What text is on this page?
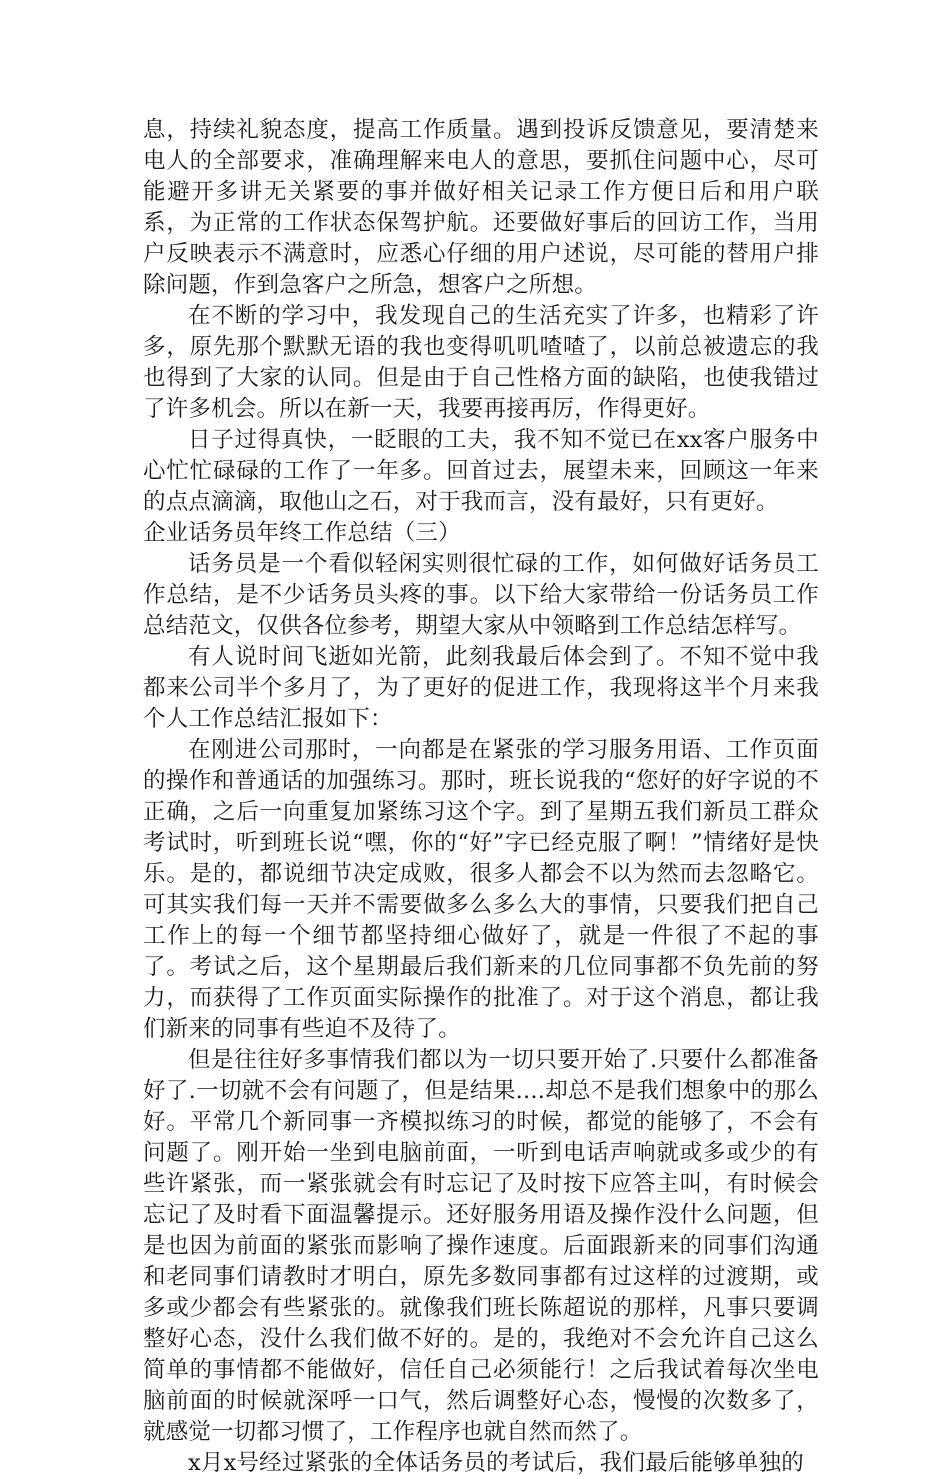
息，持续礼貌态度，提高工作质量。遇到投诉反馈意见，要清楚来电人的全部要求，准确理解来电人的意思，要抓住问题中心，尽可能避开多讲无关紧要的事并做好相关记录工作方便日后和用户联系，为正常的工作状态保驾护航。还要做好事后的回访工作，当用户反映表示不满意时，应悉心仔细的用户述说，尽可能的替用户排除问题，作到急客户之所急，想客户之所想。

在不断的学习中，我发现自己的生活充实了许多，也精彩了许多，原先那个默默无语的我也变得叽叽喳喳了，以前总被遗忘的我也得到了大家的认同。但是由于自己性格方面的缺陷，也使我错过了许多机会。所以在新一天，我要再接再厉，作得更好。

日子过得真快，一眨眼的工夫，我不知不觉已在xx客户服务中心忙忙碌碌的工作了一年多。回首过去，展望未来，回顾这一年来的点点滴滴，取他山之石，对于我而言，没有最好，只有更好。

企业话务员年终工作总结（三）

话务员是一个看似轻闲实则很忙碌的工作，如何做好话务员工作总结，是不少话务员头疼的事。以下给大家带给一份话务员工作总结范文，仅供各位参考，期望大家从中领略到工作总结怎样写。

有人说时间飞逝如光箭，此刻我最后体会到了。不知不觉中我都来公司半个多月了，为了更好的促进工作，我现将这半个月来我个人工作总结汇报如下：

在刚进公司那时，一向都是在紧张的学习服务用语、工作页面的操作和普通话的加强练习。那时，班长说我的“您好的好字说的不正确，之后一向重复加紧练习这个字。到了星期五我们新员工群众考试时，听到班长说“嘿，你的“好”字已经克服了啊！”情绪好是快乐。是的，都说细节决定成败，很多人都会不以为然而去忽略它。可其实我们每一天并不需要做多么多么大的事情，只要我们把自己工作上的每一个细节都坚持细心做好了，就是一件很了不起的事了。考试之后，这个星期最后我们新来的几位同事都不负先前的努力，而获得了工作页面实际操作的批准了。对于这个消息，都让我们新来的同事有些迫不及待了。

但是往往好多事情我们都以为一切只要开始了.只要什么都准备好了.一切就不会有问题了，但是结果....却总不是我们想象中的那么好。平常几个新同事一齐模拟练习的时候，都觉的能够了，不会有问题了。刚开始一坐到电脑前面，一听到电话声响就或多或少的有些许紧张，而一紧张就会有时忘记了及时按下应答主叫，有时候会忘记了及时看下面温馨提示。还好服务用语及操作没什么问题，但是也因为前面的紧张而影响了操作速度。后面跟新来的同事们沟通和老同事们请教时才明白，原先多数同事都有过这样的过渡期，或多或少都会有些紧张的。就像我们班长陈超说的那样，凡事只要调整好心态，没什么我们做不好的。是的，我绝对不会允许自己这么简单的事情都不能做好，信任自己必须能行！之后我试着每次坐电脑前面的时候就深呼一口气，然后调整好心态，慢慢的次数多了，就感觉一切都习惯了，工作程序也就自然而然了。

x月x号经过紧张的全体话务员的考试后，我们最后能够单独的
